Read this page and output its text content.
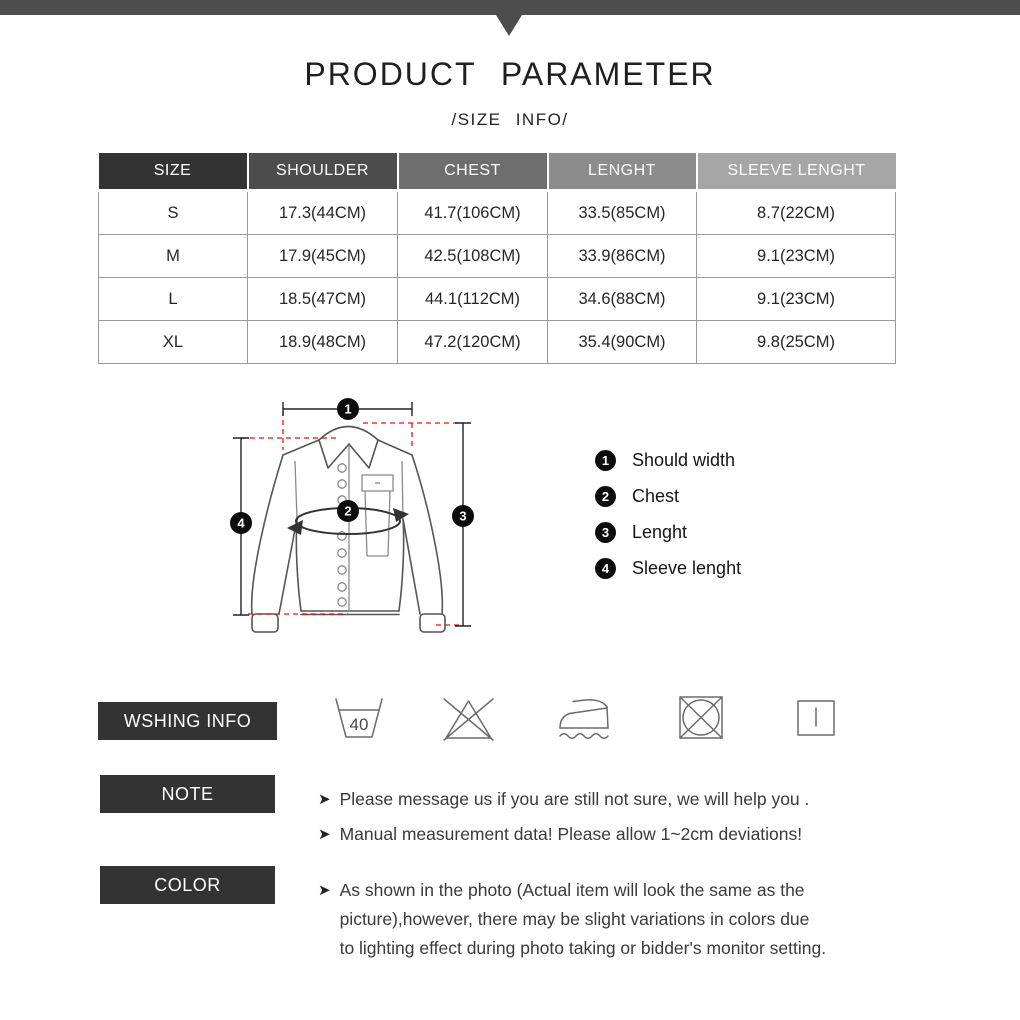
PRODUCT PARAMETER
/SIZE INFO/
SIZE	SHOULDER	CHEST	LENGHT	SLEEVE LENGHT
S	17.3(44CM)	41.7(106CM)	33.5(85CM)	8.7(22CM)
M	17.9(45CM)	42.5(108CM)	33.9(86CM)	9.1(23CM)
L	18.5(47CM)	44.1(112CM)	34.6(88CM)	9.1(23CM)
XL	18.9(48CM)	47.2(120CM)	35.4(90CM)	9.8(25CM)
1
2	3
4
1	Should width
2	Chest
3	Lenght
4	Sleeve lenght
WSHING INFO	40
NOTE	➤ Please message us if you are still not sure, we will help you .
➤ Manual measurement data! Please allow 1~2cm deviations!
COLOR	➤ As shown in the photo (Actual item will look the same as the
picture),however, there may be slight variations in colors due
to lighting effect during photo taking or bidder's monitor setting.
